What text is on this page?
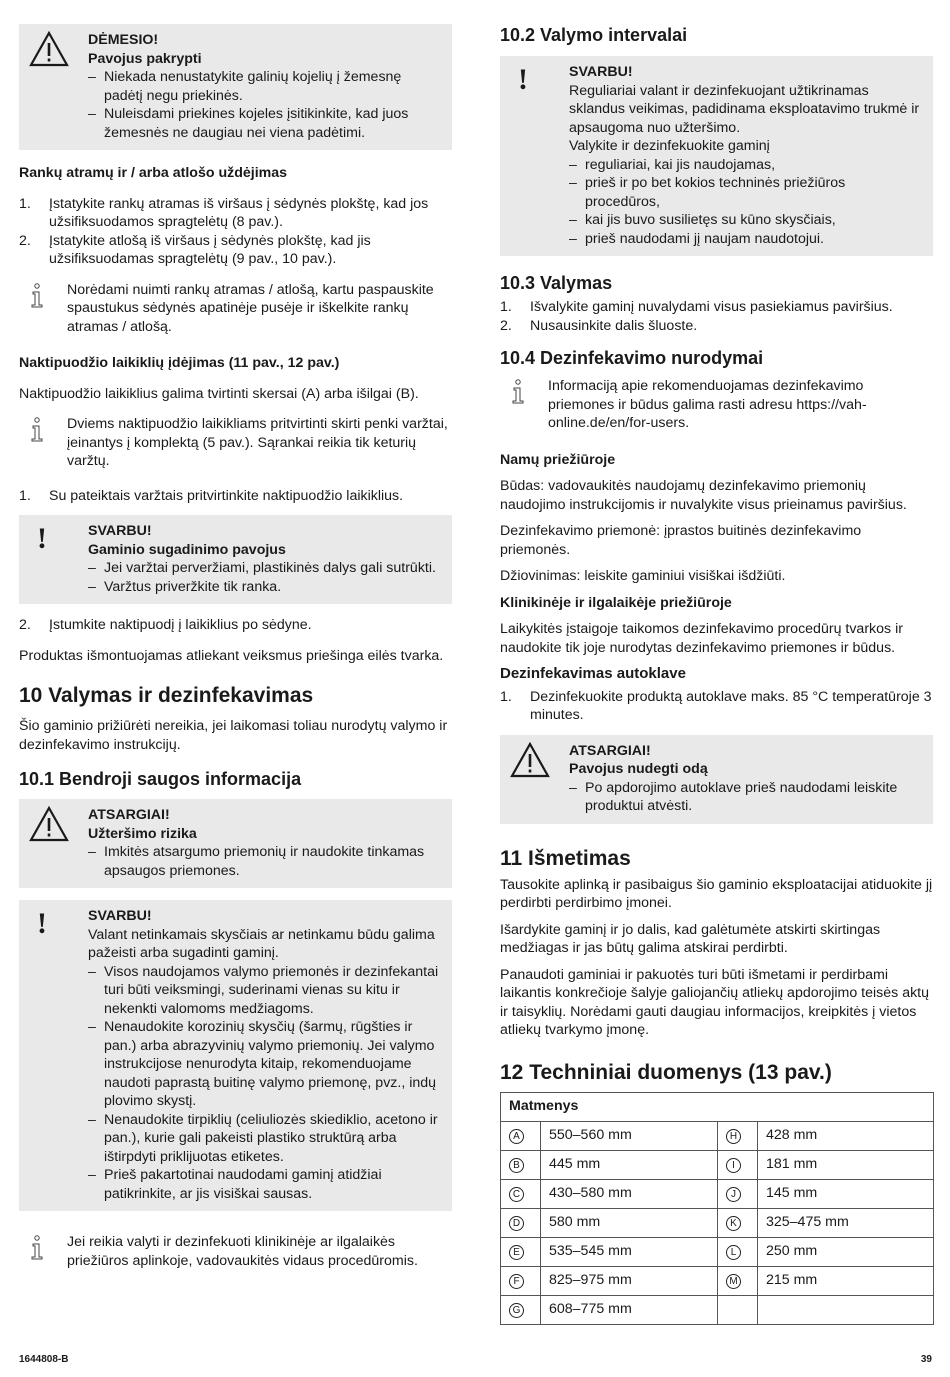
DĖMESIO!
Pavojus pakrypti
– Niekada nenustatykite galinių kojelių į žemesnę padėtį negu priekinės.
– Nuleisdami priekines kojeles įsitikinkite, kad juos žemesnės ne daugiau nei viena padėtimi.
Rankų atramų ir / arba atlošo uždėjimas
1. Įstatykite rankų atramas iš viršaus į sėdynės plokštę, kad jos užsifiksuodamos spragtelėtų (8 pav.).
2. Įstatykite atlošą iš viršaus į sėdynės plokštę, kad jis užsifiksuodamas spragtelėtų (9 pav., 10 pav.).
Norėdami nuimti rankų atramas / atlošą, kartu paspauskite spaustukus sėdynės apatinėje pusėje ir iškelkite rankų atramas / atlošą.
Naktipuodžio laikiklių įdėjimas (11 pav., 12 pav.)

Naktipuodžio laikiklius galima tvirtinti skersai (A) arba išilgai (B).

Dviems naktipuodžio laikikliams pritvirtinti skirti penki varžtai, įeinantys į komplektą (5 pav.). Sąrankai reikia tik keturių varžtų.
1. Su pateiktais varžtais pritvirtinkite naktipuodžio laikiklius.
!	SVARBU!
Gaminio sugadinimo pavojus
– Jei varžtai perveržiami, plastikinės dalys gali sutrūkti.
– Varžtus priveržkite tik ranka.
2. Įstumkite naktipuodį į laikiklius po sėdyne.

Produktas išmontuojamas atliekant veiksmus priešinga eilės tvarka.

10 Valymas ir dezinfekavimas

Šio gaminio prižiūrėti nereikia, jei laikomasi toliau nurodytų valymo ir dezinfekavimo instrukcijų.

10.1 Bendroji saugos informacija
ATSARGIAI!
Užteršimo rizika
– Imkitės atsargumo priemonių ir naudokite tinkamas apsaugos priemones.
!	SVARBU!
Valant netinkamais skysčiais ar netinkamu būdu galima pažeisti arba sugadinti gaminį.
– Visos naudojamos valymo priemonės ir dezinfekantai turi būti veiksmingi, suderinami vienas su kitu ir nekenkti valomoms medžiagoms.
– Nenaudokite korozinių skysčių (šarmų, rūgšties ir pan.) arba abrazyvinių valymo priemonių. Jei valymo instrukcijose nenurodyta kitaip, rekomenduojame naudoti paprastą buitinę valymo priemonę, pvz., indų plovimo skystį.
– Nenaudokite tirpiklių (celiuliozės skiediklio, acetono ir pan.), kurie gali pakeisti plastiko struktūrą arba ištirpdyti priklijuotas etiketes.
– Prieš pakartotinai naudodami gaminį atidžiai patikrinkite, ar jis visiškai sausas.
Jei reikia valyti ir dezinfekuoti klinikinėje ar ilgalaikės priežiūros aplinkoje, vadovaukitės vidaus procedūromis.
10.2 Valymo intervalai
!	SVARBU!
Reguliariai valant ir dezinfekuojant užtikrinamas sklandus veikimas, padidinama eksploatavimo trukmė ir apsaugoma nuo užteršimo.
Valykite ir dezinfekuokite gaminį
– reguliariai, kai jis naudojamas,
– prieš ir po bet kokios techninės priežiūros procedūros,
– kai jis buvo susilietęs su kūno skysčiais,
– prieš naudodami jį naujam naudotojui.
10.3 Valymas
1. Išvalykite gaminį nuvalydami visus pasiekiamus paviršius.
2. Nusausinkite dalis šluoste.
10.4 Dezinfekavimo nurodymai
Informaciją apie rekomenduojamas dezinfekavimo priemones ir būdus galima rasti adresu https://vah-online.de/en/for-users.
Namų priežiūroje

Būdas: vadovaukitės naudojamų dezinfekavimo priemonių naudojimo instrukcijomis ir nuvalykite visus prieinamus paviršius.

Dezinfekavimo priemonė: įprastos buitinės dezinfekavimo priemonės.

Džiovinimas: leiskite gaminiui visiškai išdžiūti.

Klinikinėje ir ilgalaikėje priežiūroje

Laikykitės įstaigoje taikomos dezinfekavimo procedūrų tvarkos ir naudokite tik joje nurodytas dezinfekavimo priemones ir būdus.

Dezinfekavimas autoklave
1. Dezinfekuokite produktą autoklave maks. 85 °C temperatūroje 3 minutes.
ATSARGIAI!
Pavojus nudegti odą
– Po apdorojimo autoklave prieš naudodami leiskite produktui atvėsti.
11 Išmetimas

Tausokite aplinką ir pasibaigus šio gaminio eksploatacijai atiduokite jį perdirbti perdirbimo įmonei.

Išardykite gaminį ir jo dalis, kad galėtumėte atskirti skirtingas medžiagas ir jas būtų galima atskirai perdirbti.

Panaudoti gaminiai ir pakuotės turi būti išmetami ir perdirbami laikantis konkrečioje šalyje galiojančių atliekų apdorojimo teisės aktų ir taisyklių. Norėdami gauti daugiau informacijos, kreipkitės į vietos atliekų tvarkymo įmonę.

12 Techniniai duomenys (13 pav.)
Matmenys			
A	550–560 mm	H	428 mm
B	445 mm	I	181 mm
C	430–580 mm	J	145 mm
D	580 mm	K	325–475 mm
E	535–545 mm	L	250 mm
F	825–975 mm	M	215 mm
G	608–775 mm		
1644808-B	39
